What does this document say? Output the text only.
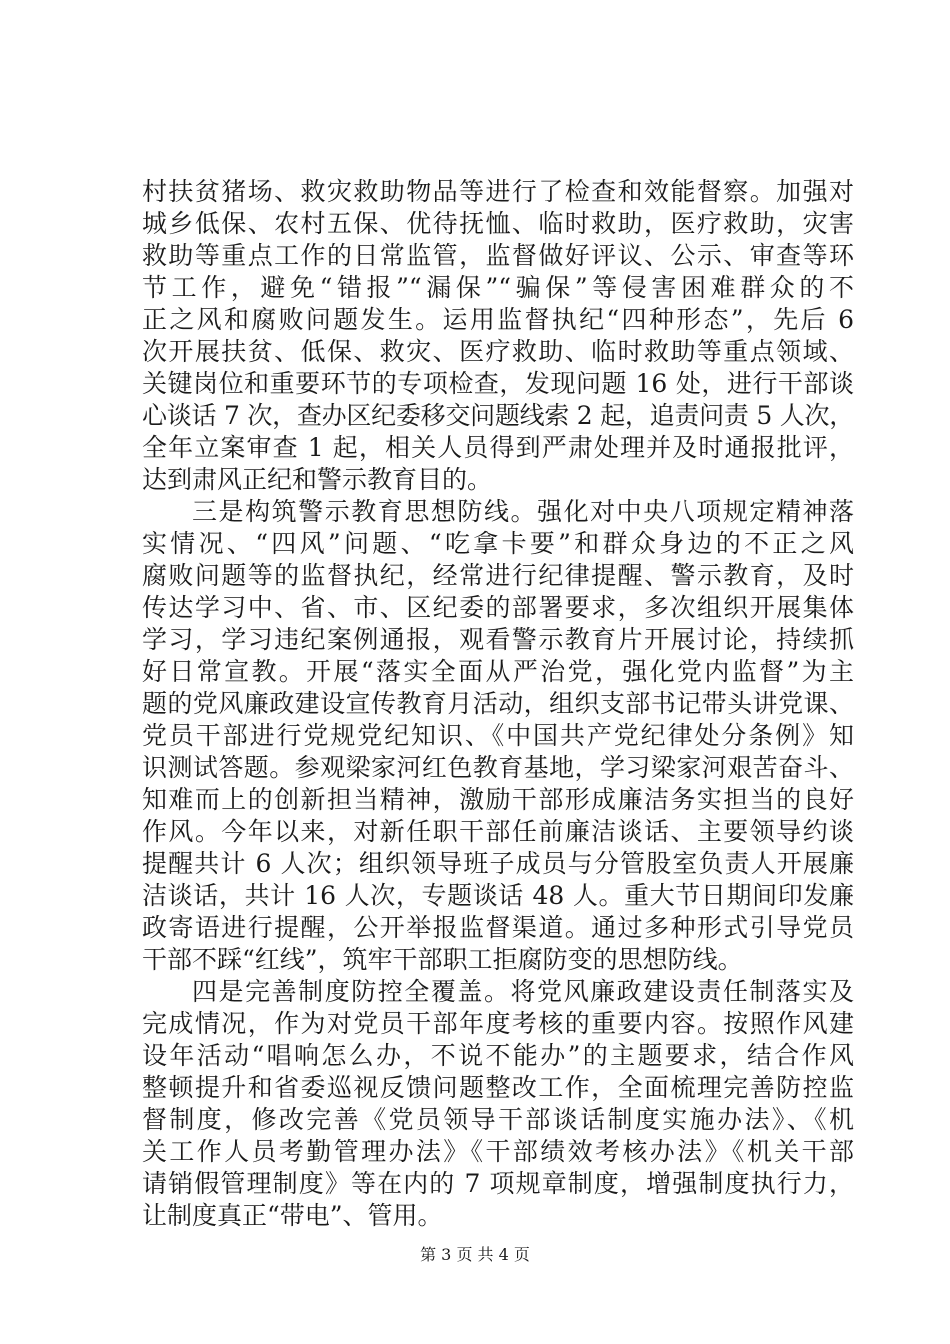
村扶贫猪场、救灾救助物品等进行了检查和效能督察。加强对
城乡低保、农村五保、优待抚恤、临时救助，医疗救助，灾害
救助等重点工作的日常监管，监督做好评议、公示、审查等环
节工作，避免“错报”“漏保”“骗保”等侵害困难群众的不
正之风和腐败问题发生。运用监督执纪“四种形态”，先后 6
次开展扶贫、低保、救灾、医疗救助、临时救助等重点领域、
关键岗位和重要环节的专项检查，发现问题 16 处，进行干部谈
心谈话 7 次，查办区纪委移交问题线索 2 起，追责问责 5 人次，
全年立案审查 1 起，相关人员得到严肃处理并及时通报批评，
达到肃风正纪和警示教育目的。
三是构筑警示教育思想防线。强化对中央八项规定精神落
实情况、“四风”问题、“吃拿卡要”和群众身边的不正之风
腐败问题等的监督执纪，经常进行纪律提醒、警示教育，及时
传达学习中、省、市、区纪委的部署要求，多次组织开展集体
学习，学习违纪案例通报，观看警示教育片开展讨论，持续抓
好日常宣教。开展“落实全面从严治党，强化党内监督”为主
题的党风廉政建设宣传教育月活动，组织支部书记带头讲党课、
党员干部进行党规党纪知识、《中国共产党纪律处分条例》知
识测试答题。参观梁家河红色教育基地，学习梁家河艰苦奋斗、
知难而上的创新担当精神，激励干部形成廉洁务实担当的良好
作风。今年以来，对新任职干部任前廉洁谈话、主要领导约谈
提醒共计 6 人次；组织领导班子成员与分管股室负责人开展廉
洁谈话，共计 16 人次，专题谈话 48 人。重大节日期间印发廉
政寄语进行提醒，公开举报监督渠道。通过多种形式引导党员
干部不踩“红线”，筑牢干部职工拒腐防变的思想防线。
四是完善制度防控全覆盖。将党风廉政建设责任制落实及
完成情况，作为对党员干部年度考核的重要内容。按照作风建
设年活动“唱响怎么办，不说不能办”的主题要求，结合作风
整顿提升和省委巡视反馈问题整改工作，全面梳理完善防控监
督制度，修改完善《党员领导干部谈话制度实施办法》、《机
关工作人员考勤管理办法》《干部绩效考核办法》《机关干部
请销假管理制度》等在内的 7 项规章制度，增强制度执行力，
让制度真正“带电”、管用。
第 3 页 共 4 页
